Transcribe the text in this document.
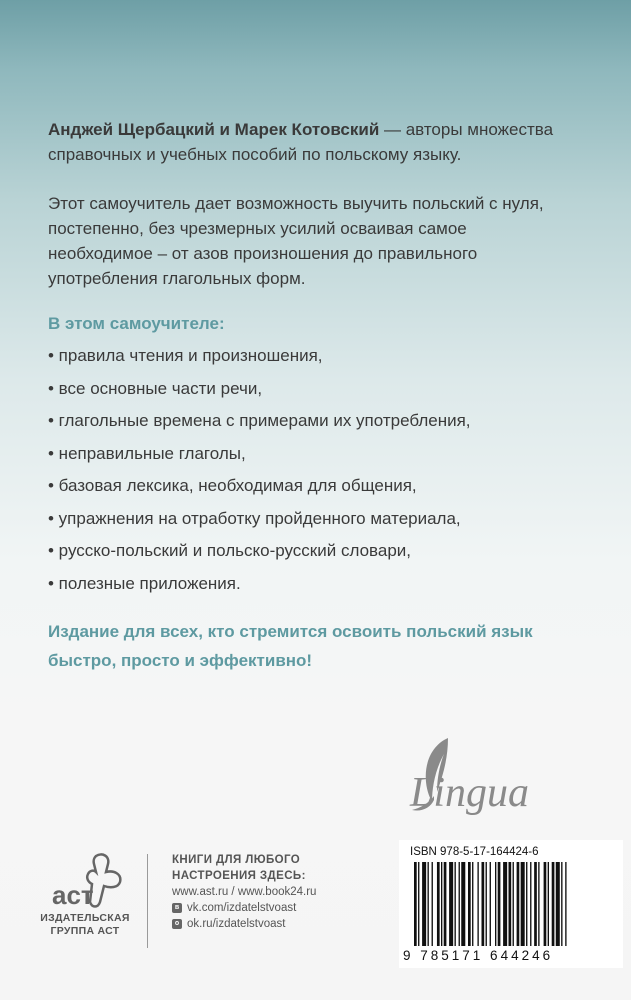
Анджей Щербацкий и Марек Котовский — авторы множества
справочных и учебных пособий по польскому языку.
Этот самоучитель дает возможность выучить польский с нуля,
постепенно, без чрезмерных усилий осваивая самое
необходимое – от азов произношения до правильного
употребления глагольных форм.
В этом самоучителе:
• правила чтения и произношения,
• все основные части речи,
• глагольные времена с примерами их употребления,
• неправильные глаголы,
• базовая лексика, необходимая для общения,
• упражнения на отработку пройденного материала,
• русско-польский и польско-русский словари,
• полезные приложения.
Издание для всех, кто стремится освоить польский язык
быстро, просто и эффективно!
Lingua
aст
ИЗДАТЕЛЬСКАЯ
ГРУППА АСТ
КНИГИ ДЛЯ ЛЮБОГО
НАСТРОЕНИЯ ЗДЕСЬ:
www.ast.ru / www.book24.ru
в vk.com/izdatelstvoast
о ok.ru/izdatelstvoast
ISBN 978-5-17-164424-6
9 785171 644246
